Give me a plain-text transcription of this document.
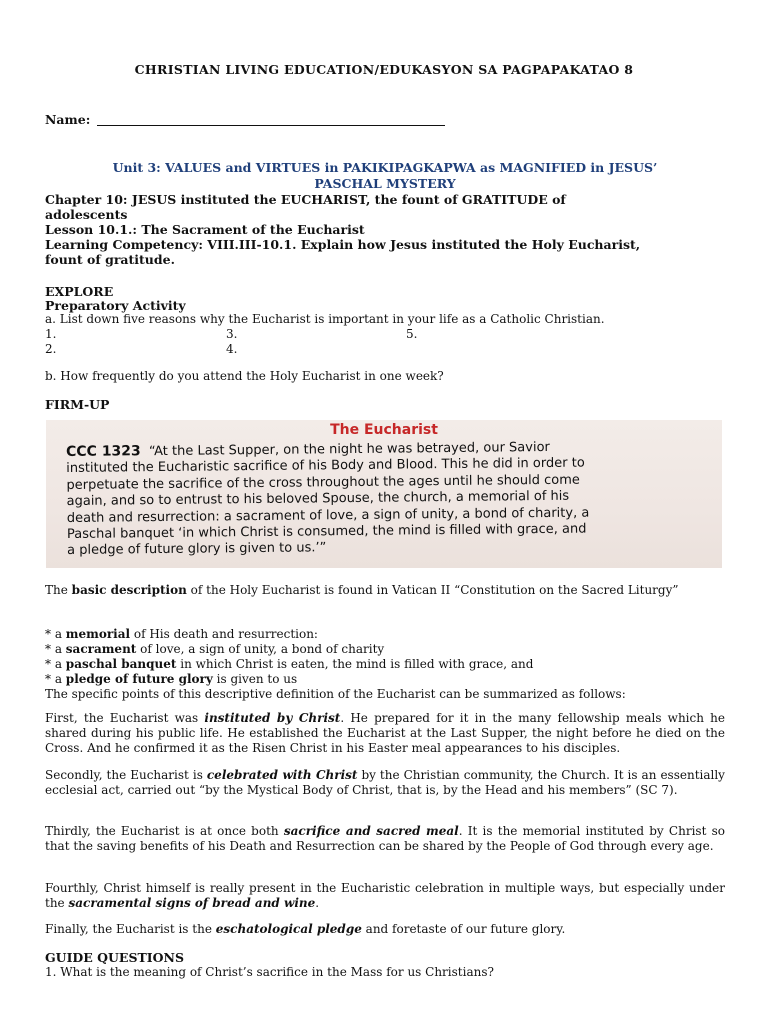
CHRISTIAN LIVING EDUCATION/EDUKASYON SA PAGPAPAKATAO 8
Name:
Unit 3: VALUES and VIRTUES in PAKIKIPAGKAPWA as MAGNIFIED in JESUS’
PASCHAL MYSTERY
Chapter 10: JESUS instituted the EUCHARIST, the fount of GRATITUDE of
adolescents
Lesson 10.1.: The Sacrament of the Eucharist
Learning Competency: VIII.III-10.1. Explain how Jesus instituted the Holy Eucharist,
fount of gratitude.
EXPLORE
Preparatory Activity
a. List down five reasons why the Eucharist is important in your life as a Catholic Christian.
1.
2.
3.
4.
5.
b. How frequently do you attend the Holy Eucharist in one week?
FIRM-UP
The Eucharist
CCC 1323 “At the Last Supper, on the night he was betrayed, our Savior
instituted the Eucharistic sacrifice of his Body and Blood. This he did in order to
perpetuate the sacrifice of the cross throughout the ages until he should come
again, and so to entrust to his beloved Spouse, the church, a memorial of his
death and resurrection: a sacrament of love, a sign of unity, a bond of charity, a
Paschal banquet ‘in which Christ is consumed, the mind is filled with grace, and
a pledge of future glory is given to us.’”
The basic description of the Holy Eucharist is found in Vatican II “Constitution on the Sacred Liturgy”
* a memorial of His death and resurrection:
* a sacrament of love, a sign of unity, a bond of charity
* a paschal banquet in which Christ is eaten, the mind is filled with grace, and
* a pledge of future glory is given to us
The specific points of this descriptive definition of the Eucharist can be summarized as follows:
First, the Eucharist was instituted by Christ. He prepared for it in the many fellowship meals which he shared during his public life. He established the Eucharist at the Last Supper, the night before he died on the Cross. And he confirmed it as the Risen Christ in his Easter meal appearances to his disciples.
Secondly, the Eucharist is celebrated with Christ by the Christian community, the Church. It is an essentially ecclesial act, carried out “by the Mystical Body of Christ, that is, by the Head and his members” (SC 7).
Thirdly, the Eucharist is at once both sacrifice and sacred meal. It is the memorial instituted by Christ so that the saving benefits of his Death and Resurrection can be shared by the People of God through every age.
Fourthly, Christ himself is really present in the Eucharistic celebration in multiple ways, but especially under the sacramental signs of bread and wine.
Finally, the Eucharist is the eschatological pledge and foretaste of our future glory.
GUIDE QUESTIONS
1. What is the meaning of Christ’s sacrifice in the Mass for us Christians?
